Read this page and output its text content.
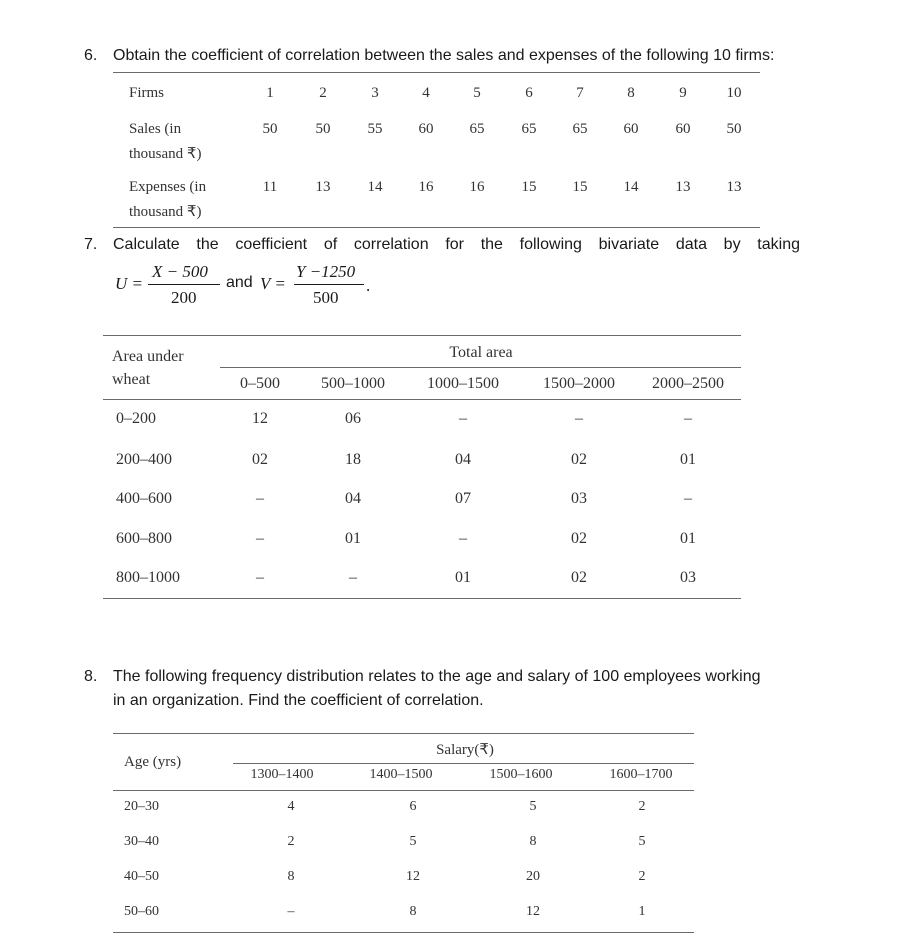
6. Obtain the coefficient of correlation between the sales and expenses of the following 10 firms:
Firms	1	2	3	4	5	6	7	8	9	10
Sales (in
thousand ₹)
50	50 55 60 65 65 65 60 60 50
Expenses (in
thousand ₹)
11	13 14 16 16 15 15 14 13 13
7. Calculate the coefficient of correlation for the following bivariate data by taking
U =
X − 500
200
and V =
Y −1250
500
.
Area under
wheat
Total area
0–500	500–1000	1000–1500	1500–2000 2000–2500
0–200	12	06	–	–	–
200–400	02	18	04	02	01
400–600	–	04	07	03	–
600–800	–	01	–	02	01
800–1000	–	–	01	02	03
8. The following frequency distribution relates to the age and salary of 100 employees working
in an organization. Find the coefficient of correlation.
Age (yrs)
Salary(₹)
1300–1400	1400–1500	1500–1600	1600–1700
20–30	4	6	5	2
30–40	2	5	8	5
40–50	8	12	20	2
50–60	–	8	12	1
